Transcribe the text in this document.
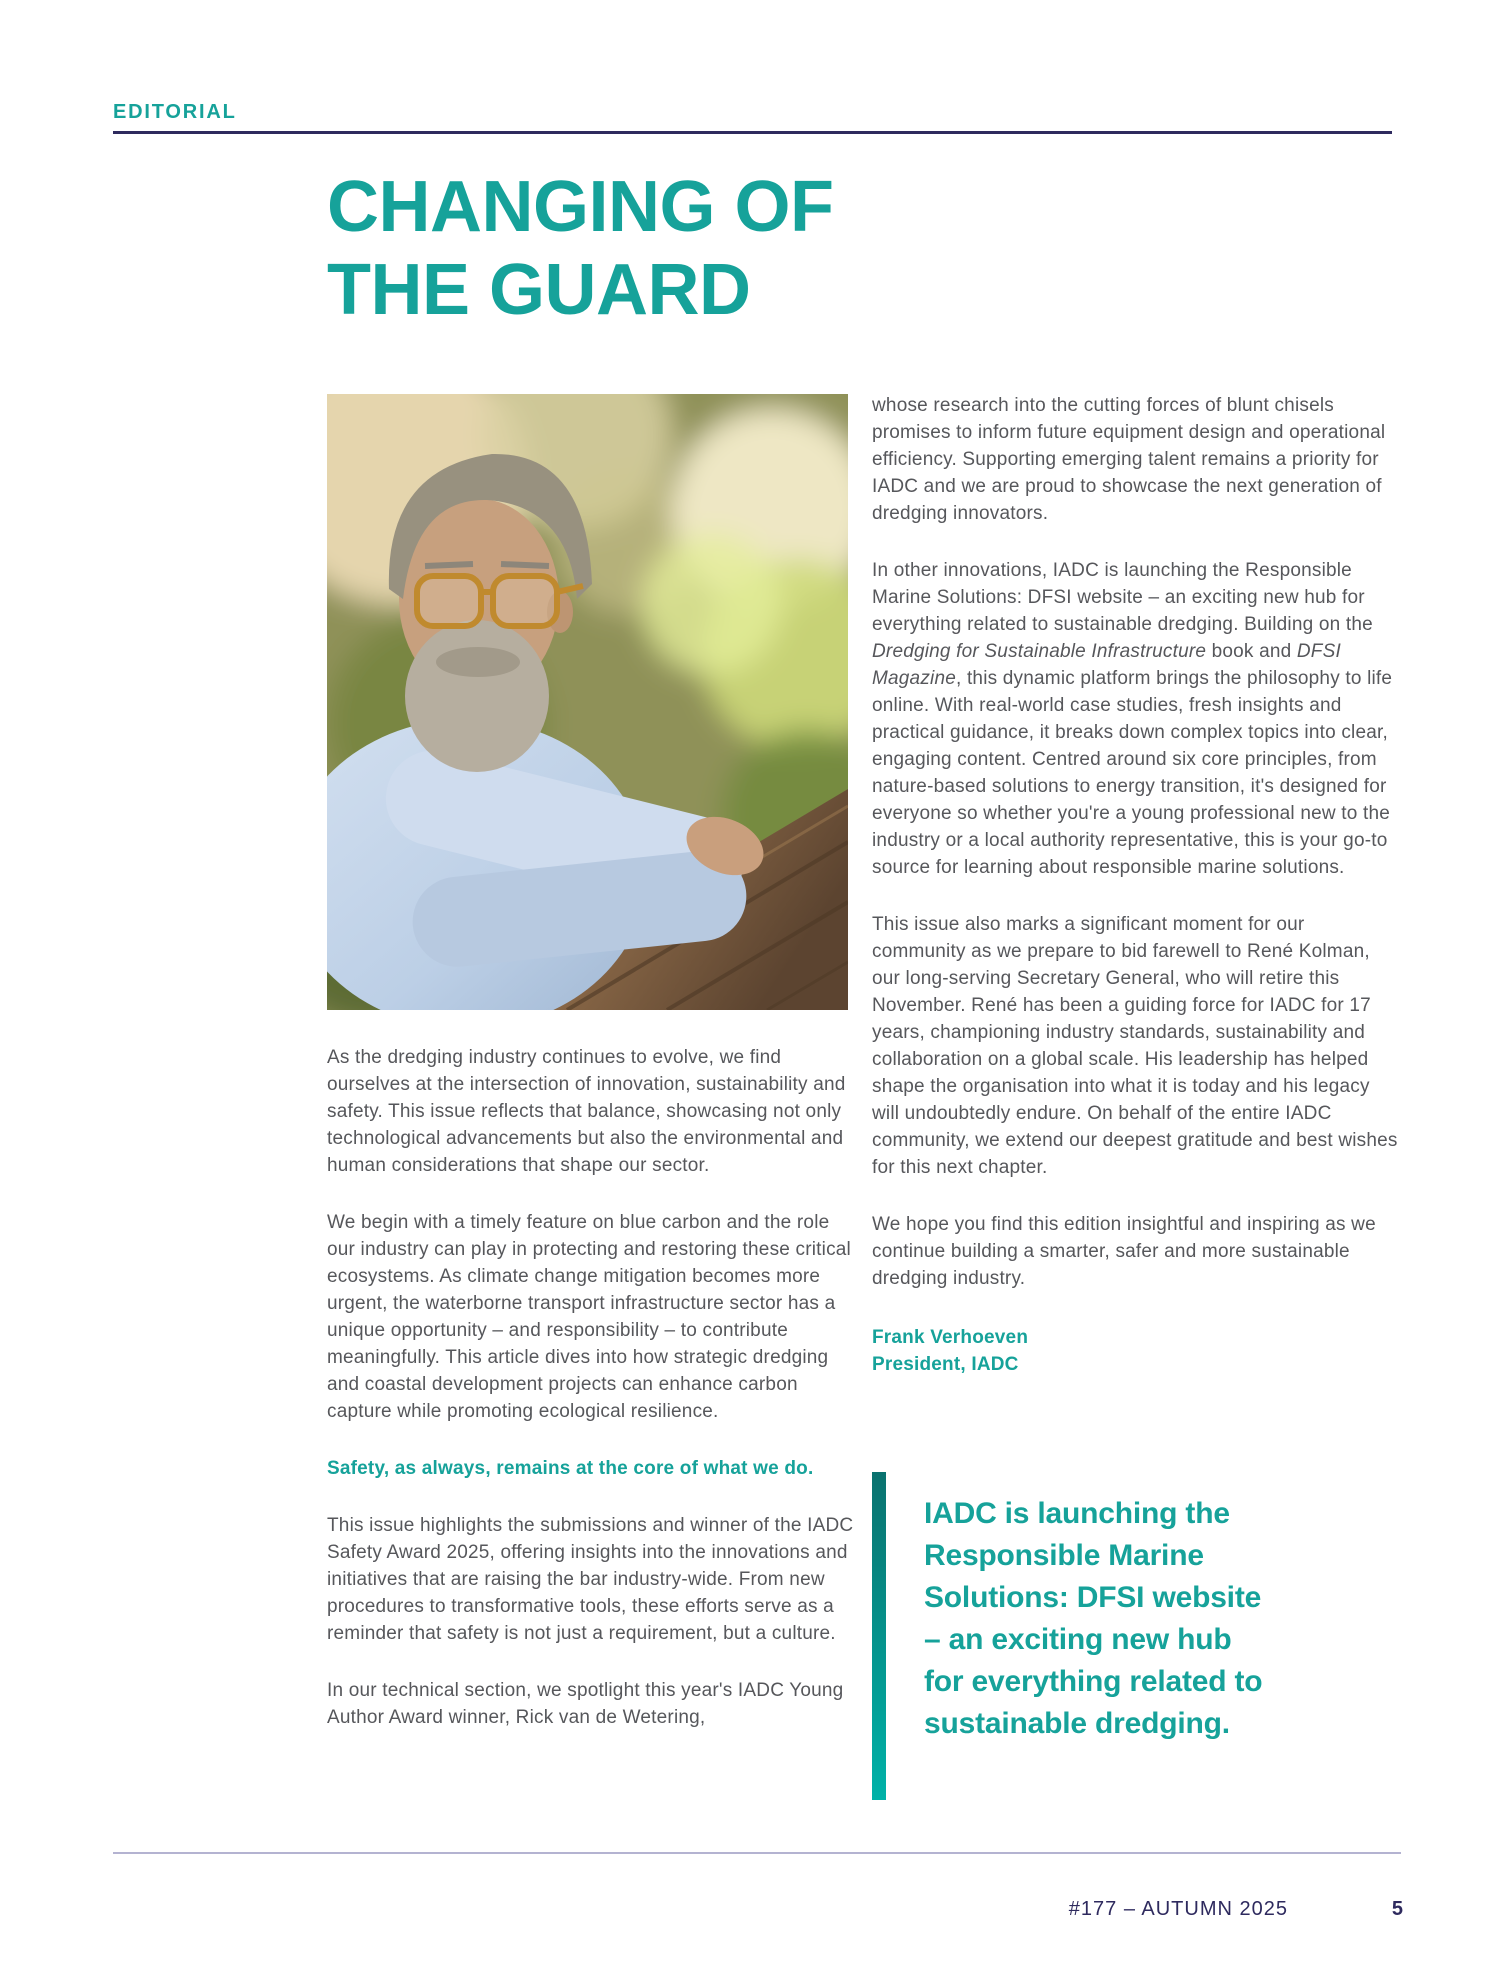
EDITORIAL
CHANGING OF
THE GUARD

As the dredging industry continues to evolve, we find ourselves at the intersection of innovation, sustainability and safety. This issue reflects that balance, showcasing not only technological advancements but also the environmental and human considerations that shape our sector.

We begin with a timely feature on blue carbon and the role our industry can play in protecting and restoring these critical ecosystems. As climate change mitigation becomes more urgent, the waterborne transport infrastructure sector has a unique opportunity – and responsibility – to contribute meaningfully. This article dives into how strategic dredging and coastal development projects can enhance carbon capture while promoting ecological resilience.

Safety, as always, remains at the core of what we do.

This issue highlights the submissions and winner of the IADC Safety Award 2025, offering insights into the innovations and initiatives that are raising the bar industry-wide. From new procedures to transformative tools, these efforts serve as a reminder that safety is not just a requirement, but a culture.

In our technical section, we spotlight this year's IADC Young Author Award winner, Rick van de Wetering,

whose research into the cutting forces of blunt chisels promises to inform future equipment design and operational efficiency. Supporting emerging talent remains a priority for IADC and we are proud to showcase the next generation of dredging innovators.

In other innovations, IADC is launching the Responsible Marine Solutions: DFSI website – an exciting new hub for everything related to sustainable dredging. Building on the Dredging for Sustainable Infrastructure book and DFSI Magazine, this dynamic platform brings the philosophy to life online. With real-world case studies, fresh insights and practical guidance, it breaks down complex topics into clear, engaging content. Centred around six core principles, from nature-based solutions to energy transition, it's designed for everyone so whether you're a young professional new to the industry or a local authority representative, this is your go-to source for learning about responsible marine solutions.

This issue also marks a significant moment for our community as we prepare to bid farewell to René Kolman, our long-serving Secretary General, who will retire this November. René has been a guiding force for IADC for 17 years, championing industry standards, sustainability and collaboration on a global scale. His leadership has helped shape the organisation into what it is today and his legacy will undoubtedly endure. On behalf of the entire IADC community, we extend our deepest gratitude and best wishes for this next chapter.

We hope you find this edition insightful and inspiring as we continue building a smarter, safer and more sustainable dredging industry.

Frank Verhoeven
President, IADC
IADC is launching the
Responsible Marine
Solutions: DFSI website
– an exciting new hub
for everything related to
sustainable dredging.
#177 – AUTUMN 2025	5
